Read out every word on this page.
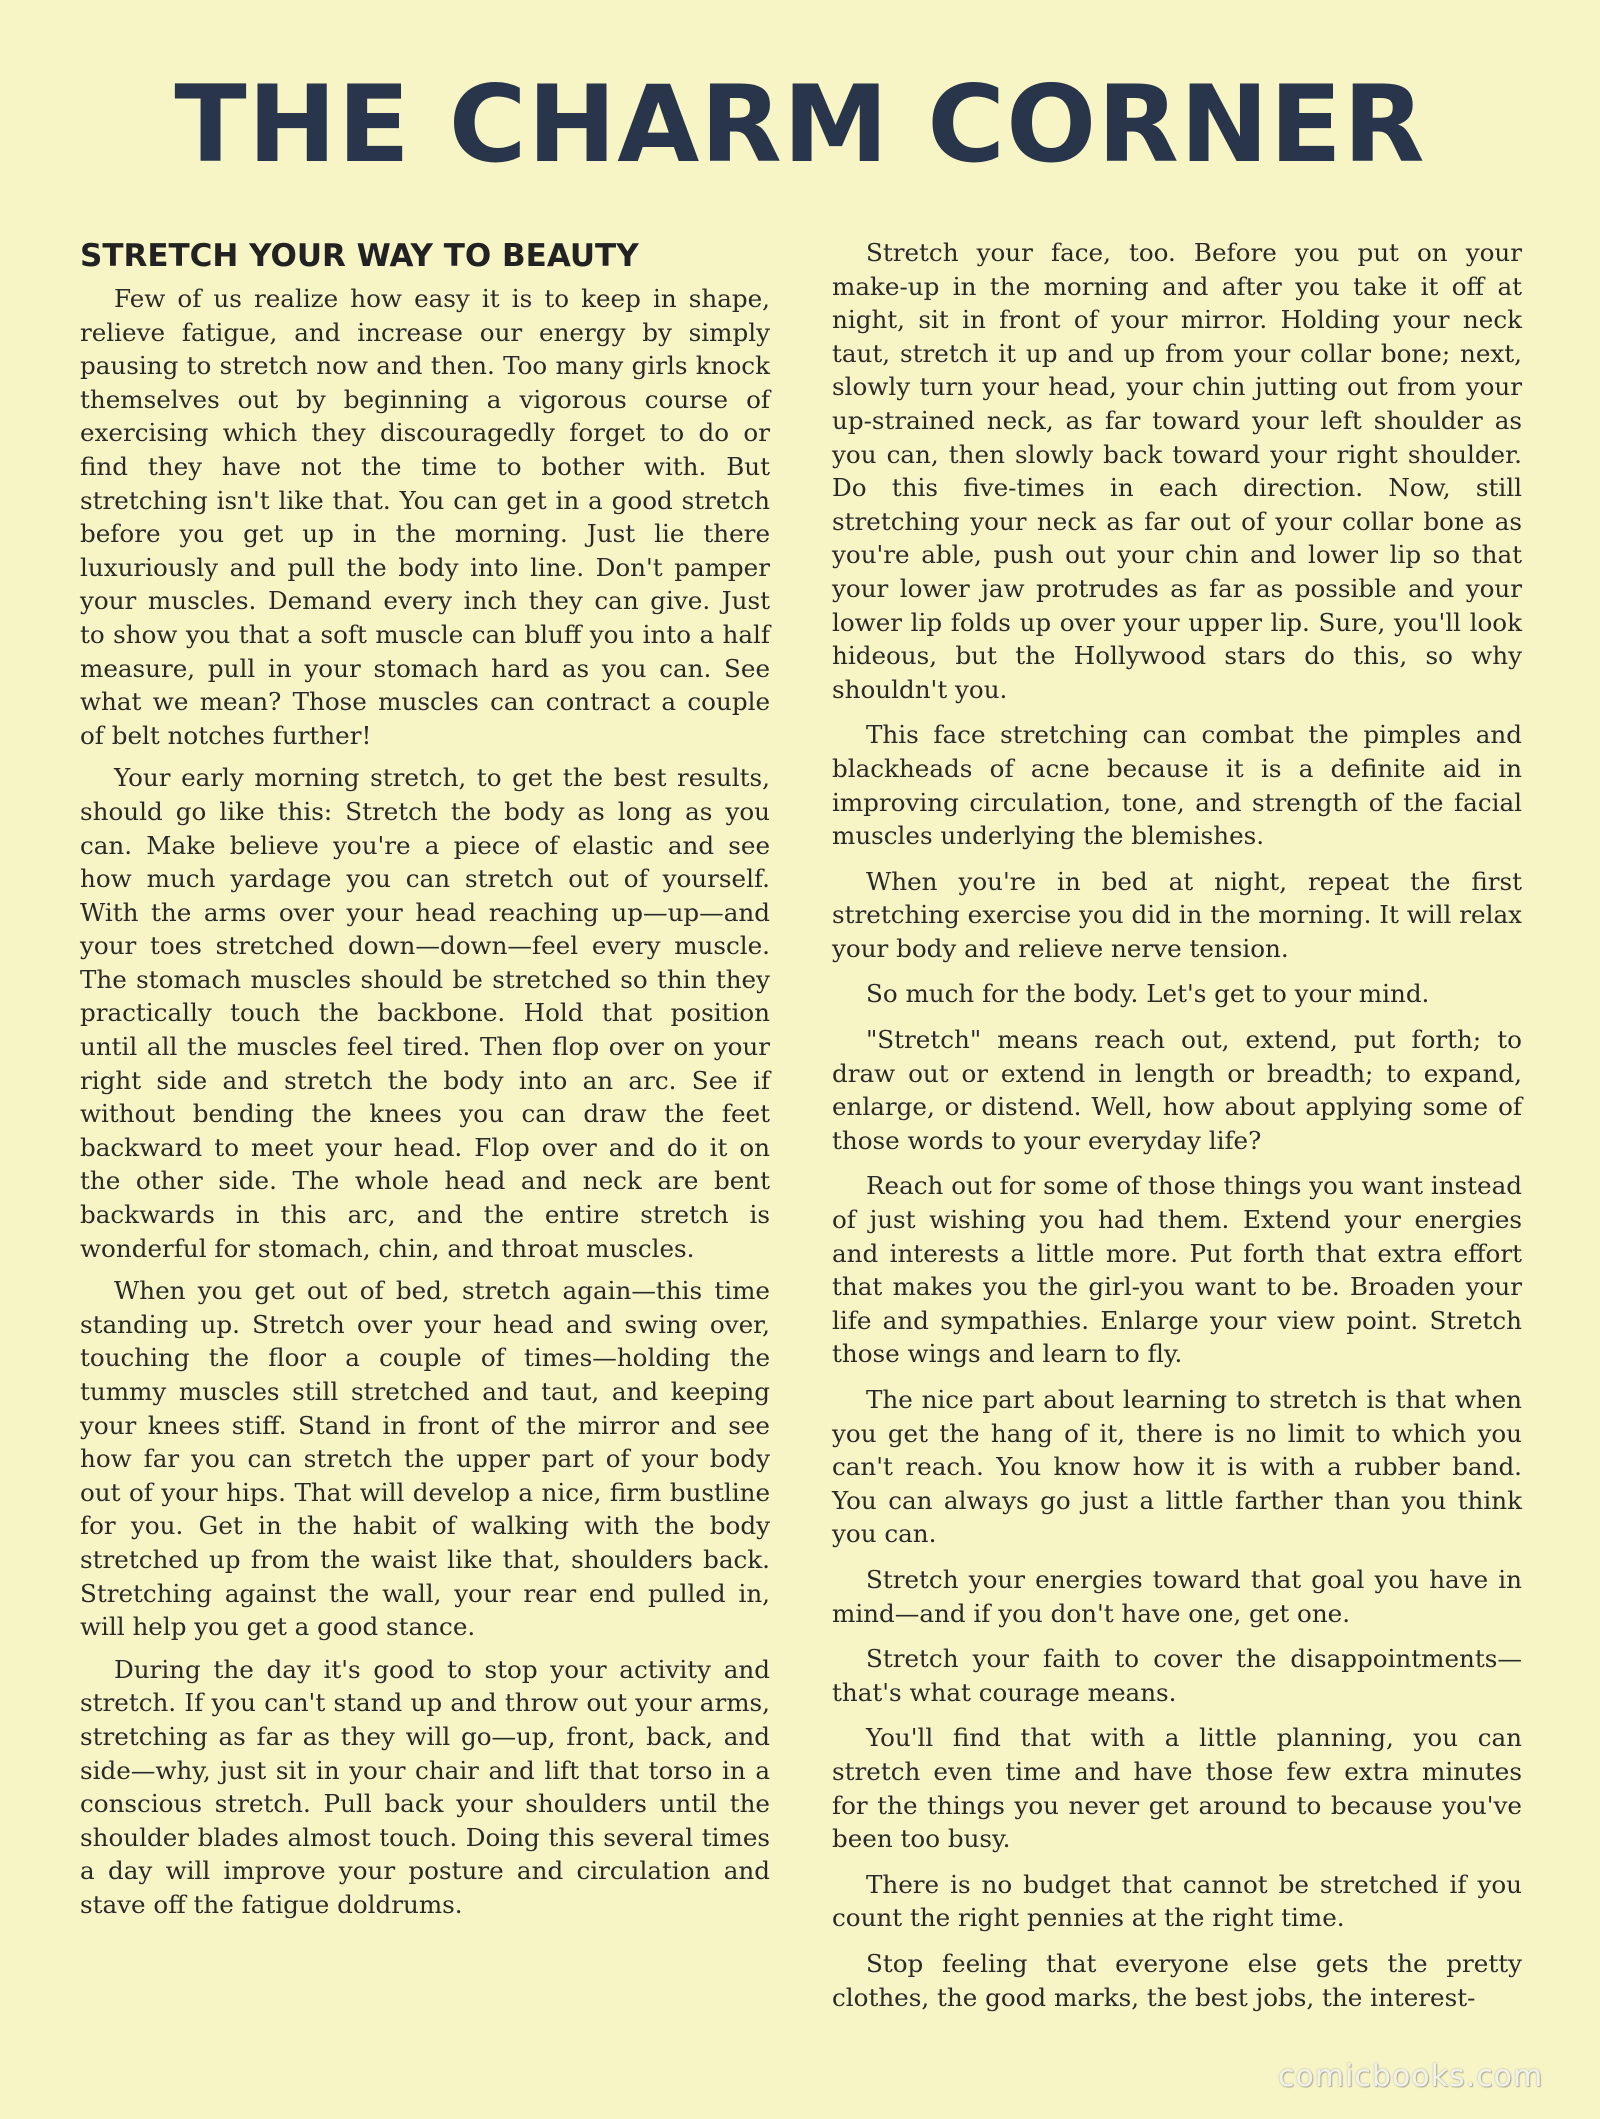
THE CHARM CORNER
STRETCH YOUR WAY TO BEAUTY

Few of us realize how easy it is to keep in shape, relieve fatigue, and increase our energy by simply pausing to stretch now and then. Too many girls knock themselves out by beginning a vigorous course of exercising which they discouragedly forget to do or find they have not the time to bother with. But stretching isn't like that. You can get in a good stretch before you get up in the morning. Just lie there luxuriously and pull the body into line. Don't pamper your muscles. Demand every inch they can give. Just to show you that a soft muscle can bluff you into a half measure, pull in your stomach hard as you can. See what we mean? Those muscles can contract a couple of belt notches further!

Your early morning stretch, to get the best results, should go like this: Stretch the body as long as you can. Make believe you're a piece of elastic and see how much yardage you can stretch out of yourself. With the arms over your head reaching up—up—and your toes stretched down—down—feel every muscle. The stomach muscles should be stretched so thin they practically touch the backbone. Hold that position until all the muscles feel tired. Then flop over on your right side and stretch the body into an arc. See if without bending the knees you can draw the feet backward to meet your head. Flop over and do it on the other side. The whole head and neck are bent backwards in this arc, and the entire stretch is wonderful for stomach, chin, and throat muscles.

When you get out of bed, stretch again—this time standing up. Stretch over your head and swing over, touching the floor a couple of times—holding the tummy muscles still stretched and taut, and keeping your knees stiff. Stand in front of the mirror and see how far you can stretch the upper part of your body out of your hips. That will develop a nice, firm bustline for you. Get in the habit of walking with the body stretched up from the waist like that, shoulders back. Stretching against the wall, your rear end pulled in, will help you get a good stance.

During the day it's good to stop your activity and stretch. If you can't stand up and throw out your arms, stretching as far as they will go—up, front, back, and side—why, just sit in your chair and lift that torso in a conscious stretch. Pull back your shoulders until the shoulder blades almost touch. Doing this several times a day will improve your posture and circulation and stave off the fatigue doldrums.

Stretch your face, too. Before you put on your make-up in the morning and after you take it off at night, sit in front of your mirror. Holding your neck taut, stretch it up and up from your collar bone; next, slowly turn your head, your chin jutting out from your up-strained neck, as far toward your left shoulder as you can, then slowly back toward your right shoulder. Do this five-times in each direction. Now, still stretching your neck as far out of your collar bone as you're able, push out your chin and lower lip so that your lower jaw protrudes as far as possible and your lower lip folds up over your upper lip. Sure, you'll look hideous, but the Hollywood stars do this, so why shouldn't you.

This face stretching can combat the pimples and blackheads of acne because it is a definite aid in improving circulation, tone, and strength of the facial muscles underlying the blemishes.

When you're in bed at night, repeat the first stretching exercise you did in the morning. It will relax your body and relieve nerve tension.

So much for the body. Let's get to your mind.

"Stretch" means reach out, extend, put forth; to draw out or extend in length or breadth; to expand, enlarge, or distend. Well, how about applying some of those words to your everyday life?

Reach out for some of those things you want instead of just wishing you had them. Extend your energies and interests a little more. Put forth that extra effort that makes you the girl-you want to be. Broaden your life and sympathies. Enlarge your view point. Stretch those wings and learn to fly.

The nice part about learning to stretch is that when you get the hang of it, there is no limit to which you can't reach. You know how it is with a rubber band. You can always go just a little farther than you think you can.

Stretch your energies toward that goal you have in mind—and if you don't have one, get one.

Stretch your faith to cover the disappointments—that's what courage means.

You'll find that with a little planning, you can stretch even time and have those few extra minutes for the things you never get around to because you've been too busy.

There is no budget that cannot be stretched if you count the right pennies at the right time.

Stop feeling that everyone else gets the pretty clothes, the good marks, the best jobs, the interest-

comicbooks.com
